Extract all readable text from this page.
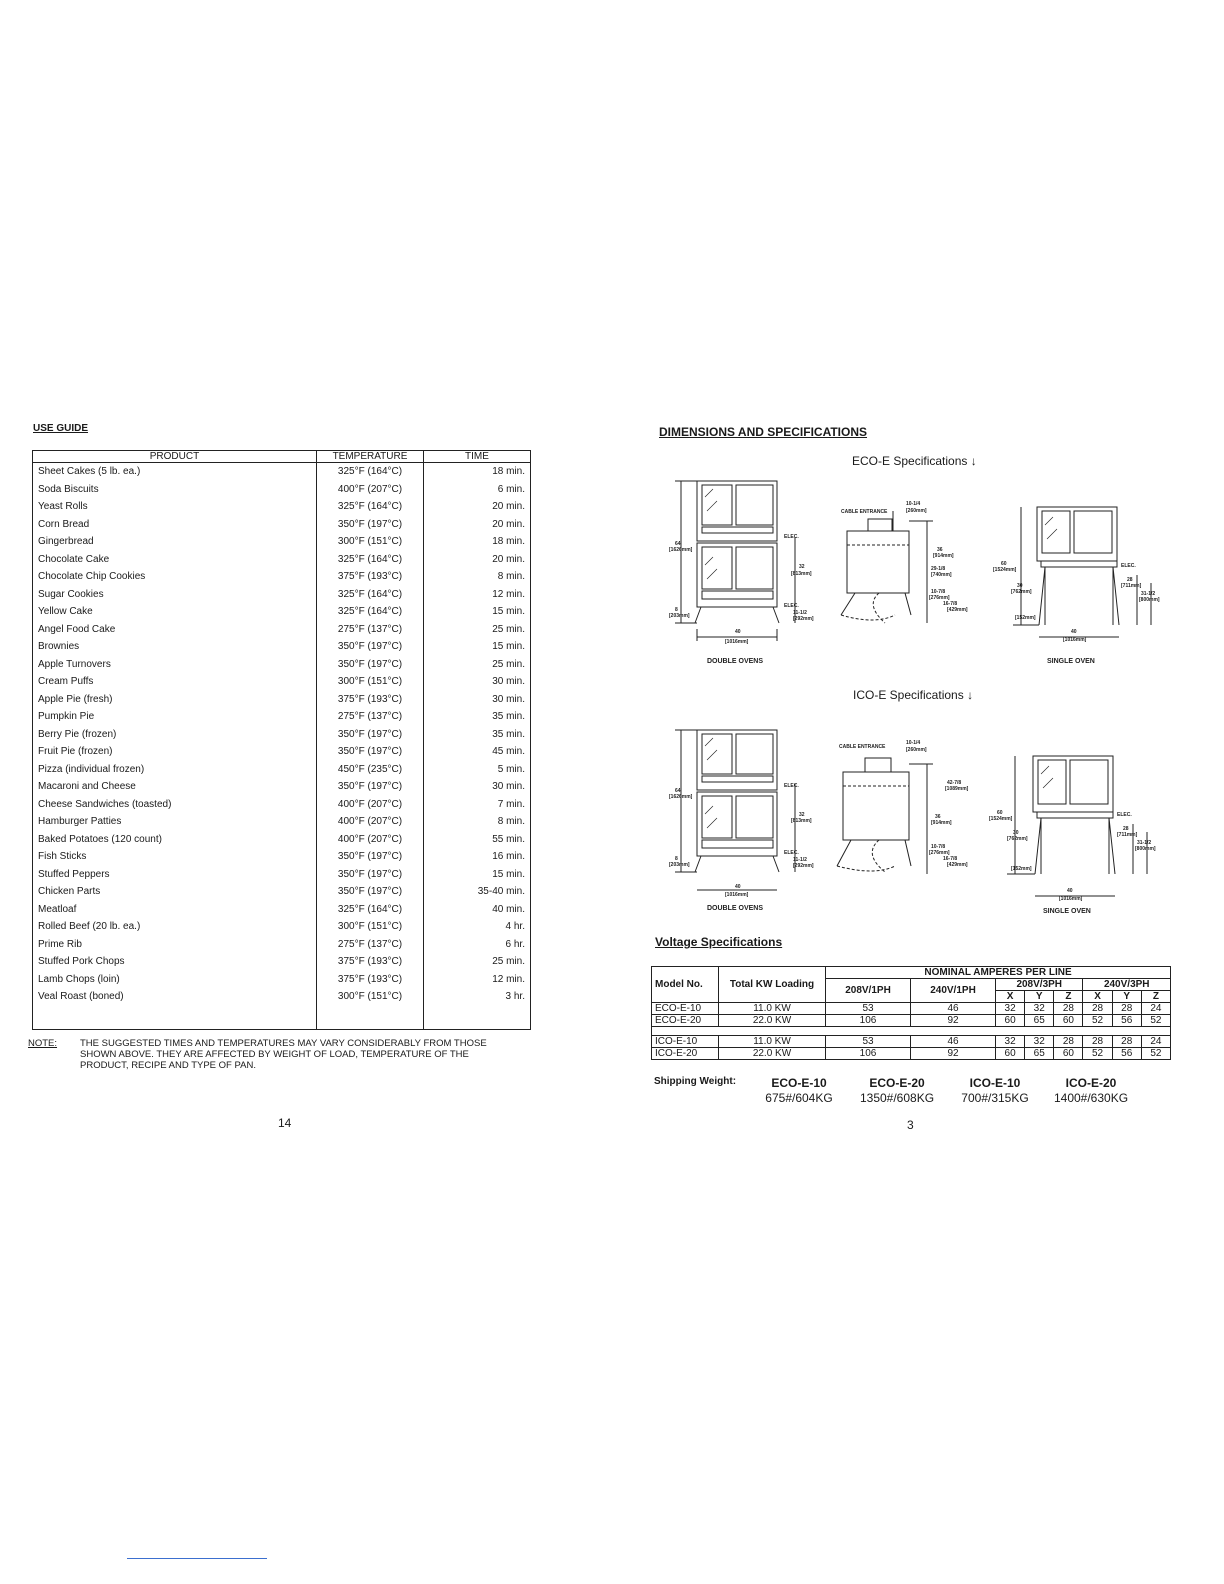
USE GUIDE
PRODUCT	TEMPERATURE	TIME
Sheet Cakes (5 lb. ea.)	325°F (164°C)	18 min.
Soda Biscuits	400°F (207°C)	6 min.
Yeast Rolls	325°F (164°C)	20 min.
Corn Bread	350°F (197°C)	20 min.
Gingerbread	300°F (151°C)	18 min.
Chocolate Cake	325°F (164°C)	20 min.
Chocolate Chip Cookies	375°F (193°C)	8 min.
Sugar Cookies	325°F (164°C)	12 min.
Yellow Cake	325°F (164°C)	15 min.
Angel Food Cake	275°F (137°C)	25 min.
Brownies	350°F (197°C)	15 min.
Apple Turnovers	350°F (197°C)	25 min.
Cream Puffs	300°F (151°C)	30 min.
Apple Pie (fresh)	375°F (193°C)	30 min.
Pumpkin Pie	275°F (137°C)	35 min.
Berry Pie (frozen)	350°F (197°C)	35 min.
Fruit Pie (frozen)	350°F (197°C)	45 min.
Pizza (individual frozen)	450°F (235°C)	5 min.
Macaroni and Cheese	350°F (197°C)	30 min.
Cheese Sandwiches (toasted)	400°F (207°C)	7 min.
Hamburger Patties	400°F (207°C)	8 min.
Baked Potatoes (120 count)	400°F (207°C)	55 min.
Fish Sticks	350°F (197°C)	16 min.
Stuffed Peppers	350°F (197°C)	15 min.
Chicken Parts	350°F (197°C)	35-40 min.
Meatloaf	325°F (164°C)	40 min.
Rolled Beef (20 lb. ea.)	300°F (151°C)	4 hr.
Prime Rib	275°F (137°C)	6 hr.
Stuffed Pork Chops	375°F (193°C)	25 min.
Lamb Chops (loin)	375°F (193°C)	12 min.
Veal Roast (boned)	300°F (151°C)	3 hr.

NOTE: THE SUGGESTED TIMES AND TEMPERATURES MAY VARY CONSIDERABLY FROM THOSE
SHOWN ABOVE. THEY ARE AFFECTED BY WEIGHT OF LOAD, TEMPERATURE OF THE
PRODUCT, RECIPE AND TYPE OF PAN.
14
DIMENSIONS AND SPECIFICATIONS
ECO-E Specifications ↓
64
[1626mm]
8
[203mm]
ELEC.
32
[813mm]
ELEC.
11-1/2
[292mm]
40
[1016mm]
DOUBLE OVENS
10-1/4
[260mm]
CABLE ENTRANCE
36
[914mm]
29-1/8
[740mm]
10-7/8
[276mm]
16-7/8
[429mm]
60
[1524mm]
30
[762mm]
[152mm]
ELEC.
28
[711mm]
31-1/2
[800mm]
40
[1016mm]
SINGLE OVEN
ICO-E Specifications ↓
64
[1626mm]
8
[203mm]
ELEC.
32
[813mm]
ELEC.
11-1/2
[292mm]
40
[1016mm]
DOUBLE OVENS
10-1/4
[260mm]
CABLE ENTRANCE
42-7/8
[1089mm]
36
[914mm]
10-7/8
[276mm]
16-7/8
[429mm]
60
[1524mm]
30
[762mm]
[152mm]
ELEC.
28
[711mm]
31-1/2
[800mm]
40
[1016mm]
SINGLE OVEN
Voltage Specifications
Model No.	Total KW Loading	NOMINAL AMPERES PER LINE							
		208V/1PH	240V/1PH	208V/3PH			240V/3PH		
				X	Y	Z	X	Y	Z
ECO-E-10	11.0 KW	53	46	32	32	28	28	28	24
ECO-E-20	22.0 KW	106	92	60	65	60	52	56	52

ICO-E-10	11.0 KW	53	46	32	32	28	28	28	24
ICO-E-20	22.0 KW	106	92	60	65	60	52	56	52
Shipping Weight:	ECO-E-10
675#/604KG
ECO-E-20
1350#/608KG
ICO-E-10
700#/315KG
ICO-E-20
1400#/630KG
3
